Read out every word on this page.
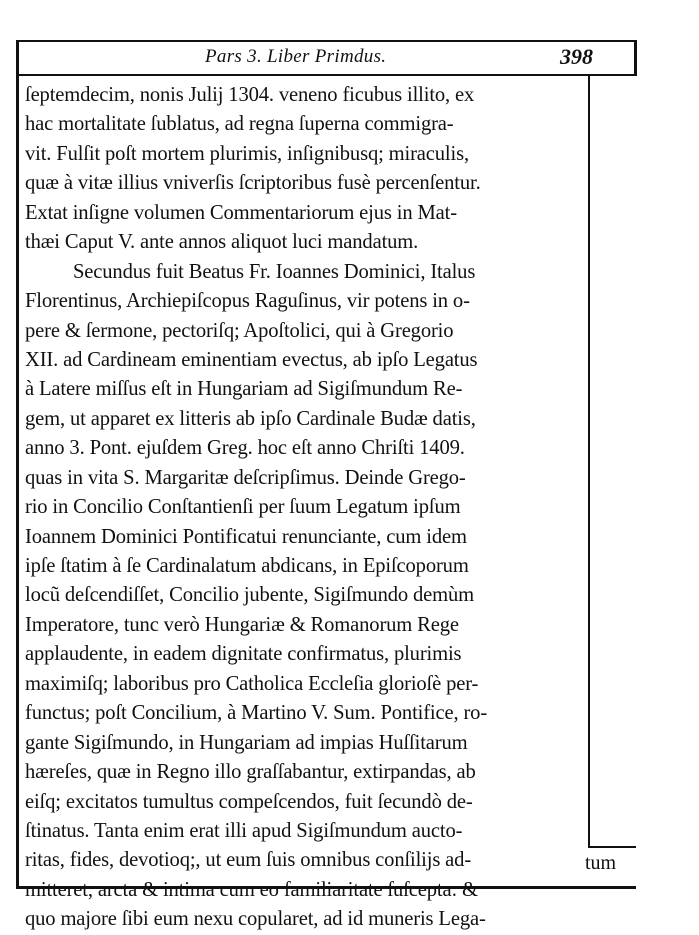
Pars 3. Liber Primdus.	398
ſeptemdecim, nonis Julij 1304. veneno ficubus illito, ex
hac mortalitate ſublatus, ad regna ſuperna commigra-
vit. Fulſit poſt mortem plurimis, inſignibusq; miraculis,
quæ à vitæ illius vniverſis ſcriptoribus fusè percenſentur.
Extat inſigne volumen Commentariorum ejus in Mat-
thæi Caput V. ante annos aliquot luci mandatum.
Secundus fuit Beatus Fr. Ioannes Dominici, Italus
Florentinus, Archiepiſcopus Raguſinus, vir potens in o-
pere & ſermone, pectoriſq; Apoſtolici, qui à Gregorio
XII. ad Cardineam eminentiam evectus, ab ipſo Legatus
à Latere miſſus eſt in Hungariam ad Sigiſmundum Re-
gem, ut apparet ex litteris ab ipſo Cardinale Budæ datis,
anno 3. Pont. ejuſdem Greg. hoc eſt anno Chriſti 1409.
quas in vita S. Margaritæ deſcripſimus. Deinde Grego-
rio in Concilio Conſtantienſi per ſuum Legatum ipſum
Ioannem Dominici Pontificatui renunciante, cum idem
ipſe ſtatim à ſe Cardinalatum abdicans, in Epiſcoporum
locũ deſcendiſſet, Concilio jubente, Sigiſmundo demùm
Imperatore, tunc verò Hungariæ & Romanorum Rege
applaudente, in eadem dignitate confirmatus, plurimis
maximiſq; laboribus pro Catholica Eccleſia glorioſè per-
functus; poſt Concilium, à Martino V. Sum. Pontifice, ro-
gante Sigiſmundo, in Hungariam ad impias Huſſitarum
hæreſes, quæ in Regno illo graſſabantur, extirpandas, ab
eiſq; excitatos tumultus compeſcendos, fuit ſecundò de-
ſtinatus. Tanta enim erat illi apud Sigiſmundum aucto-
ritas, fides, devotioq;, ut eum ſuis omnibus conſilijs ad-
mitteret, arcta & intima cum eo familiaritate ſuſcepta: &
quo majore ſibi eum nexu copularet, ad id muneris Lega-
tum
